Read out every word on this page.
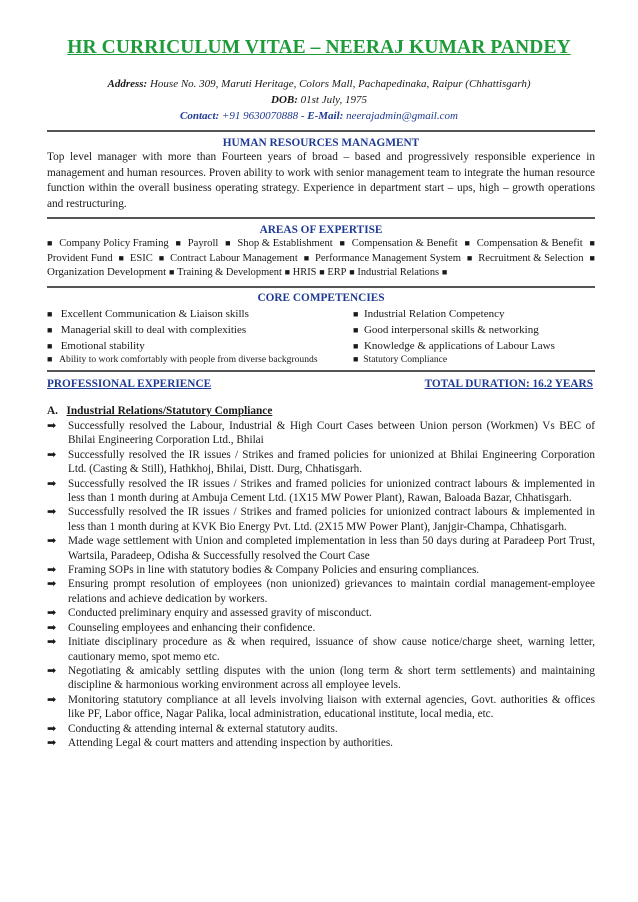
HR CURRICULUM VITAE – NEERAJ KUMAR PANDEY
Address: House No. 309, Maruti Heritage, Colors Mall, Pachapedinaka, Raipur (Chhattisgarh)
DOB: 01st July, 1975
Contact: +91 9630070888 - E-Mail: neerajadmin@gmail.com
HUMAN RESOURCES MANAGMENT
Top level manager with more than Fourteen years of broad – based and progressively responsible experience in management and human resources. Proven ability to work with senior management team to integrate the human resource function within the overall business operating strategy. Experience in department start – ups, high – growth operations and restructuring.
AREAS OF EXPERTISE
■ Company Policy Framing ■ Payroll ■ Shop & Establishment ■ Compensation & Benefit ■ Compensation & Benefit ■
Provident Fund ■ ESIC ■ Contract Labour Management ■ Performance Management System ■ Recruitment & Selection ■
Organization Development ■ Training & Development ■ HRIS ■ ERP ■ Industrial Relations ■
CORE COMPETENCIES
■ Excellent Communication & Liaison skills
■ Managerial skill to deal with complexities
■ Emotional stability
■ Ability to work comfortably with people from diverse backgrounds
■ Industrial Relation Competency
■ Good interpersonal skills & networking
■ Knowledge & applications of Labour Laws
■ Statutory Compliance
PROFESSIONAL EXPERIENCE	TOTAL DURATION: 16.2 YEARS
A. Industrial Relations/Statutory Compliance
➡ Successfully resolved the Labour, Industrial & High Court Cases between Union person (Workmen) Vs BEC of Bhilai Engineering Corporation Ltd., Bhilai
➡ Successfully resolved the IR issues / Strikes and framed policies for unionized at Bhilai Engineering Corporation Ltd. (Casting & Still), Hathkhoj, Bhilai, Distt. Durg, Chhatisgarh.
➡ Successfully resolved the IR issues / Strikes and framed policies for unionized contract labours & implemented in less than 1 month during at Ambuja Cement Ltd. (1X15 MW Power Plant), Rawan, Baloada Bazar, Chhatisgarh.
➡ Successfully resolved the IR issues / Strikes and framed policies for unionized contract labours & implemented in less than 1 month during at KVK Bio Energy Pvt. Ltd. (2X15 MW Power Plant), Janjgir-Champa, Chhatisgarh.
➡ Made wage settlement with Union and completed implementation in less than 50 days during at Paradeep Port Trust, Wartsila, Paradeep, Odisha & Successfully resolved the Court Case
➡ Framing SOPs in line with statutory bodies & Company Policies and ensuring compliances.
➡ Ensuring prompt resolution of employees (non unionized) grievances to maintain cordial management-employee relations and achieve dedication by workers.
➡ Conducted preliminary enquiry and assessed gravity of misconduct.
➡ Counseling employees and enhancing their confidence.
➡ Initiate disciplinary procedure as & when required, issuance of show cause notice/charge sheet, warning letter, cautionary memo, spot memo etc.
➡ Negotiating & amicably settling disputes with the union (long term & short term settlements) and maintaining discipline & harmonious working environment across all employee levels.
➡ Monitoring statutory compliance at all levels involving liaison with external agencies, Govt. authorities & offices like PF, Labor office, Nagar Palika, local administration, educational institute, local media, etc.
➡ Conducting & attending internal & external statutory audits.
➡ Attending Legal & court matters and attending inspection by authorities.
